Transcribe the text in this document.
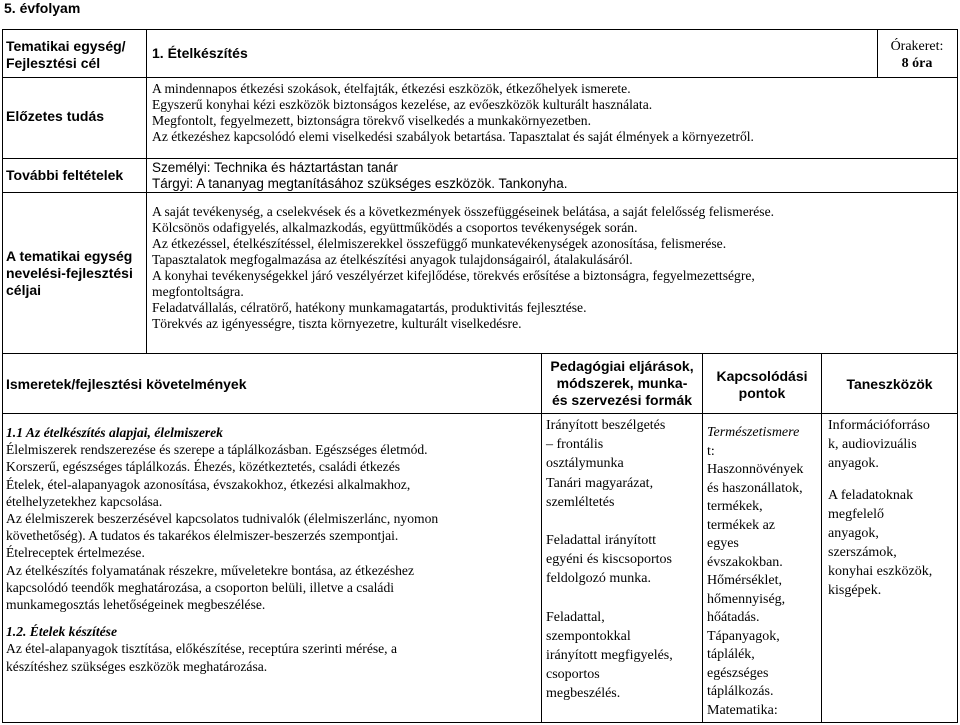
5. évfolyam
Tematikai egység/ Fejlesztési cél
1. Ételkészítés	Órakeret:
8 óra
Előzetes tudás
A mindennapos étkezési szokások, ételfajták, étkezési eszközök, étkezőhelyek ismerete.
Egyszerű konyhai kézi eszközök biztonságos kezelése, az evőeszközök kulturált használata.
Megfontolt, fegyelmezett, biztonságra törekvő viselkedés a munkakörnyezetben.
Az étkezéshez kapcsolódó elemi viselkedési szabályok betartása. Tapasztalat és saját élmények a környezetről.
További feltételek Személyi: Technika és háztartástan tanár
Tárgyi: A tananyag megtanításához szükséges eszközök. Tankonyha.
A tematikai egység nevelési-fejlesztési céljai
A saját tevékenység, a cselekvések és a következmények összefüggéseinek belátása, a saját felelősség felismerése.
Kölcsönös odafigyelés, alkalmazkodás, együttműködés a csoportos tevékenységek során.
Az étkezéssel, ételkészítéssel, élelmiszerekkel összefüggő munkatevékenységek azonosítása, felismerése.
Tapasztalatok megfogalmazása az ételkészítési anyagok tulajdonságairól, átalakulásáról.
A konyhai tevékenységekkel járó veszélyérzet kifejlődése, törekvés erősítése a biztonságra, fegyelmezettségre,
megfontoltságra.
Feladatvállalás, célratörő, hatékony munkamagatartás, produktivitás fejlesztése.
Törekvés az igényességre, tiszta környezetre, kulturált viselkedésre.
Ismeretek/fejlesztési követelmények
Pedagógiai eljárások,
módszerek, munka-
és szervezési formák
Kapcsolódási
pontok
Taneszközök
1.1 Az ételkészítés alapjai, élelmiszerek
Élelmiszerek rendszerezése és szerepe a táplálkozásban. Egészséges életmód.
Korszerű, egészséges táplálkozás. Éhezés, közétkeztetés, családi étkezés
Ételek, étel-alapanyagok azonosítása, évszakokhoz, étkezési alkalmakhoz,
ételhelyzetekhez kapcsolása.
Az élelmiszerek beszerzésével kapcsolatos tudnivalók (élelmiszerlánc, nyomon
követhetőség). A tudatos és takarékos élelmiszer-beszerzés szempontjai.
Ételreceptek értelmezése.
Az ételkészítés folyamatának részekre, műveletekre bontása, az étkezéshez
kapcsolódó teendők meghatározása, a csoporton belüli, illetve a családi
munkamegosztás lehetőségeinek megbeszélése.
1.2. Ételek készítése
Az étel-alapanyagok tisztítása, előkészítése, receptúra szerinti mérése, a
készítéshez szükséges eszközök meghatározása.
Irányított beszélgetés
– frontális
osztálymunka
Tanári magyarázat,
szemléltetés
Feladattal irányított
egyéni és kiscsoportos
feldolgozó munka.
Feladattal,
szempontokkal
irányított megfigyelés,
csoportos
megbeszélés.
Természetismere
t:
Haszonnövények
és haszonállatok,
termékek,
termékek az
egyes
évszakokban.
Hőmérséklet,
hőmennyiség,
hőátadás.
Tápanyagok,
táplálék,
egészséges
táplálkozás.
Matematika:
Információforráso
k, audiovizuális
anyagok.
A feladatoknak
megfelelő
anyagok,
szerszámok,
konyhai eszközök,
kisgépek.
